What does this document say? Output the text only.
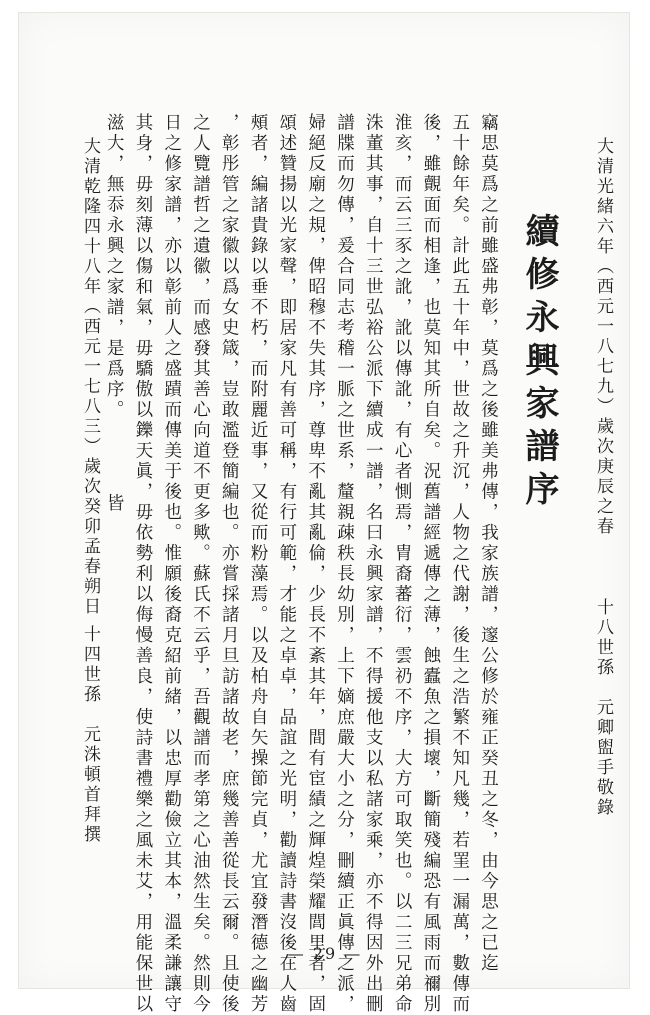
大清光緒六年（西元一八七九）歲次庚辰之春
十八世孫　元卿盥手敬錄
續修永興家譜序
竊思莫爲之前雖盛弗彰，莫爲之後雖美弗傳，我家族譜，邃公修於雍正癸丑之冬，由今思之已迄
五十餘年矣。計此五十年中，世故之升沉，人物之代謝，後生之浩繁不知凡幾，若罣一漏萬，數傳而
後，雖覿面而相逢，也莫知其所自矣。況舊譜經遞傳之薄，蝕蠹魚之損壞，斷簡殘編恐有風雨而禰別
淮亥，而云三豕之訛，訛以傳訛，有心者惻焉，胄裔蕃衍，雲礽不序，大方可取笑也。以二三兄弟命
洙董其事，自十三世弘裕公派下續成一譜，名曰永興家譜，不得援他支以私諸家乘，亦不得因外出刪
譜牒而勿傳，爰合同志考稽一脈之世系，釐親疎秩長幼別，上下嫡庶嚴大小之分，刪續正眞傳之派，
婦絕反廟之規，俾昭穆不失其序，尊卑不亂其亂倫，少長不紊其年，間有宦績之輝煌榮耀閭里者，固
頌述贊揚以光家聲，即居家凡有善可稱，有行可範，才能之卓卓，品誼之光明，勸讀詩書沒後在人齒
頰者，編諸貴錄以垂不朽，而附麗近事，又從而粉藻焉。以及柏舟自矢操節完貞，尤宜發潛德之幽芳
，彰彤管之家徽以爲女史箴，豈敢濫登簡編也。亦嘗採諸月旦訪諸故老，庶幾善善從長云爾。且使後
之人覽譜哲之遺徽，而感發其善心向道不更多歟。蘇氏不云乎，吾觀譜而孝第之心油然生矣。然則今
日之修家譜，亦以彰前人之盛蹟而傳美于後也。惟願後裔克紹前緒，以忠厚勸儉立其本，溫柔謙讓守
其身，毋刻薄以傷和氣，毋驕傲以鑠天眞，毋依勢利以侮慢善良，使詩書禮樂之風未艾，用能保世以
滋大，無忝永興之家譜，是爲序。　　　　皆
大清乾隆四十八年（西元一七八三）歲次癸卯孟春朔日
十四世孫　元洙頓首拜撰
— 29 —
